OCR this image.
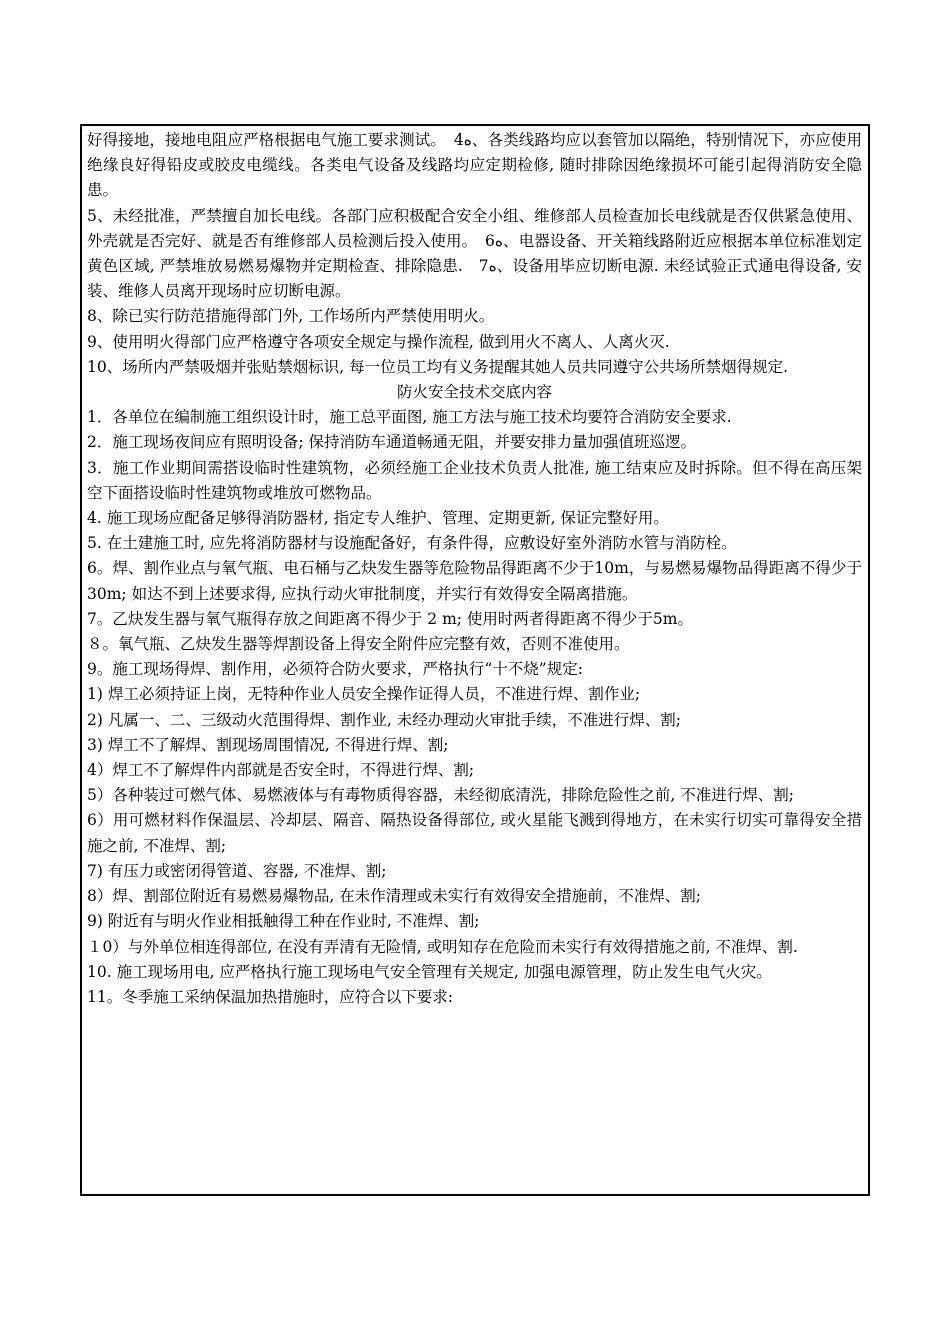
好得接地，接地电阻应严格根据电气施工要求测试。　4ه、各类线路均应以套管加以隔绝，特别情况下，亦应使用绝缘良好得铅皮或胶皮电缆线。各类电气设备及线路均应定期检修, 随时排除因绝缘损坏可能引起得消防安全隐患。

5、未经批准，严禁擅自加长电线。各部门应积极配合安全小组、维修部人员检查加长电线就是否仅供紧急使用、外壳就是否完好、就是否有维修部人员检测后投入使用。　6ه、电器设备、开关箱线路附近应根据本单位标准划定黄色区域, 严禁堆放易燃易爆物并定期检查、排除隐患.　7ه、设备用毕应切断电源. 未经试验正式通电得设备, 安装、维修人员离开现场时应切断电源。

8、除已实行防范措施得部门外, 工作场所内严禁使用明火。

9、使用明火得部门应严格遵守各项安全规定与操作流程, 做到用火不离人、人离火灭.

10、场所内严禁吸烟并张贴禁烟标识, 每一位员工均有义务提醒其她人员共同遵守公共场所禁烟得规定.

防火安全技术交底内容

1．各单位在编制施工组织设计时，施工总平面图, 施工方法与施工技术均要符合消防安全要求.

2．施工现场夜间应有照明设备; 保持消防车通道畅通无阻，并要安排力量加强值班巡逻。

3．施工作业期间需搭设临时性建筑物，必须经施工企业技术负责人批准, 施工结束应及时拆除。但不得在高压架空下面搭设临时性建筑物或堆放可燃物品。

4. 施工现场应配备足够得消防器材, 指定专人维护、管理、定期更新, 保证完整好用。

5. 在土建施工时, 应先将消防器材与设施配备好，有条件得，应敷设好室外消防水管与消防栓。

6。焊、割作业点与氧气瓶、电石桶与乙炔发生器等危险物品得距离不少于10m，与易燃易爆物品得距离不得少于30m; 如达不到上述要求得, 应执行动火审批制度，并实行有效得安全隔离措施。

7。乙炔发生器与氧气瓶得存放之间距离不得少于 2 m; 使用时两者得距离不得少于5m。

８。氧气瓶、乙炔发生器等焊割设备上得安全附件应完整有效，否则不准使用。

9。施工现场得焊、割作用，必须符合防火要求，严格执行“十不烧”规定:

1) 焊工必须持证上岗，无特种作业人员安全操作证得人员，不准进行焊、割作业;

2) 凡属一、二、三级动火范围得焊、割作业, 未经办理动火审批手续，不准进行焊、割;

3) 焊工不了解焊、割现场周围情况, 不得进行焊、割;

4）焊工不了解焊件内部就是否安全时，不得进行焊、割;

5）各种装过可燃气体、易燃液体与有毒物质得容器，未经彻底清洗，排除危险性之前, 不准进行焊、割;

6）用可燃材料作保温层、冷却层、隔音、隔热设备得部位, 或火星能飞溅到得地方，在未实行切实可靠得安全措施之前, 不准焊、割;

7) 有压力或密闭得管道、容器, 不准焊、割;

8）焊、割部位附近有易燃易爆物品, 在未作清理或未实行有效得安全措施前，不准焊、割;

9) 附近有与明火作业相抵触得工种在作业时, 不准焊、割;

１0）与外单位相连得部位, 在没有弄清有无险情, 或明知存在危险而未实行有效得措施之前, 不准焊、割.

10. 施工现场用电, 应严格执行施工现场电气安全管理有关规定, 加强电源管理，防止发生电气火灾。

11。冬季施工采纳保温加热措施时，应符合以下要求:
